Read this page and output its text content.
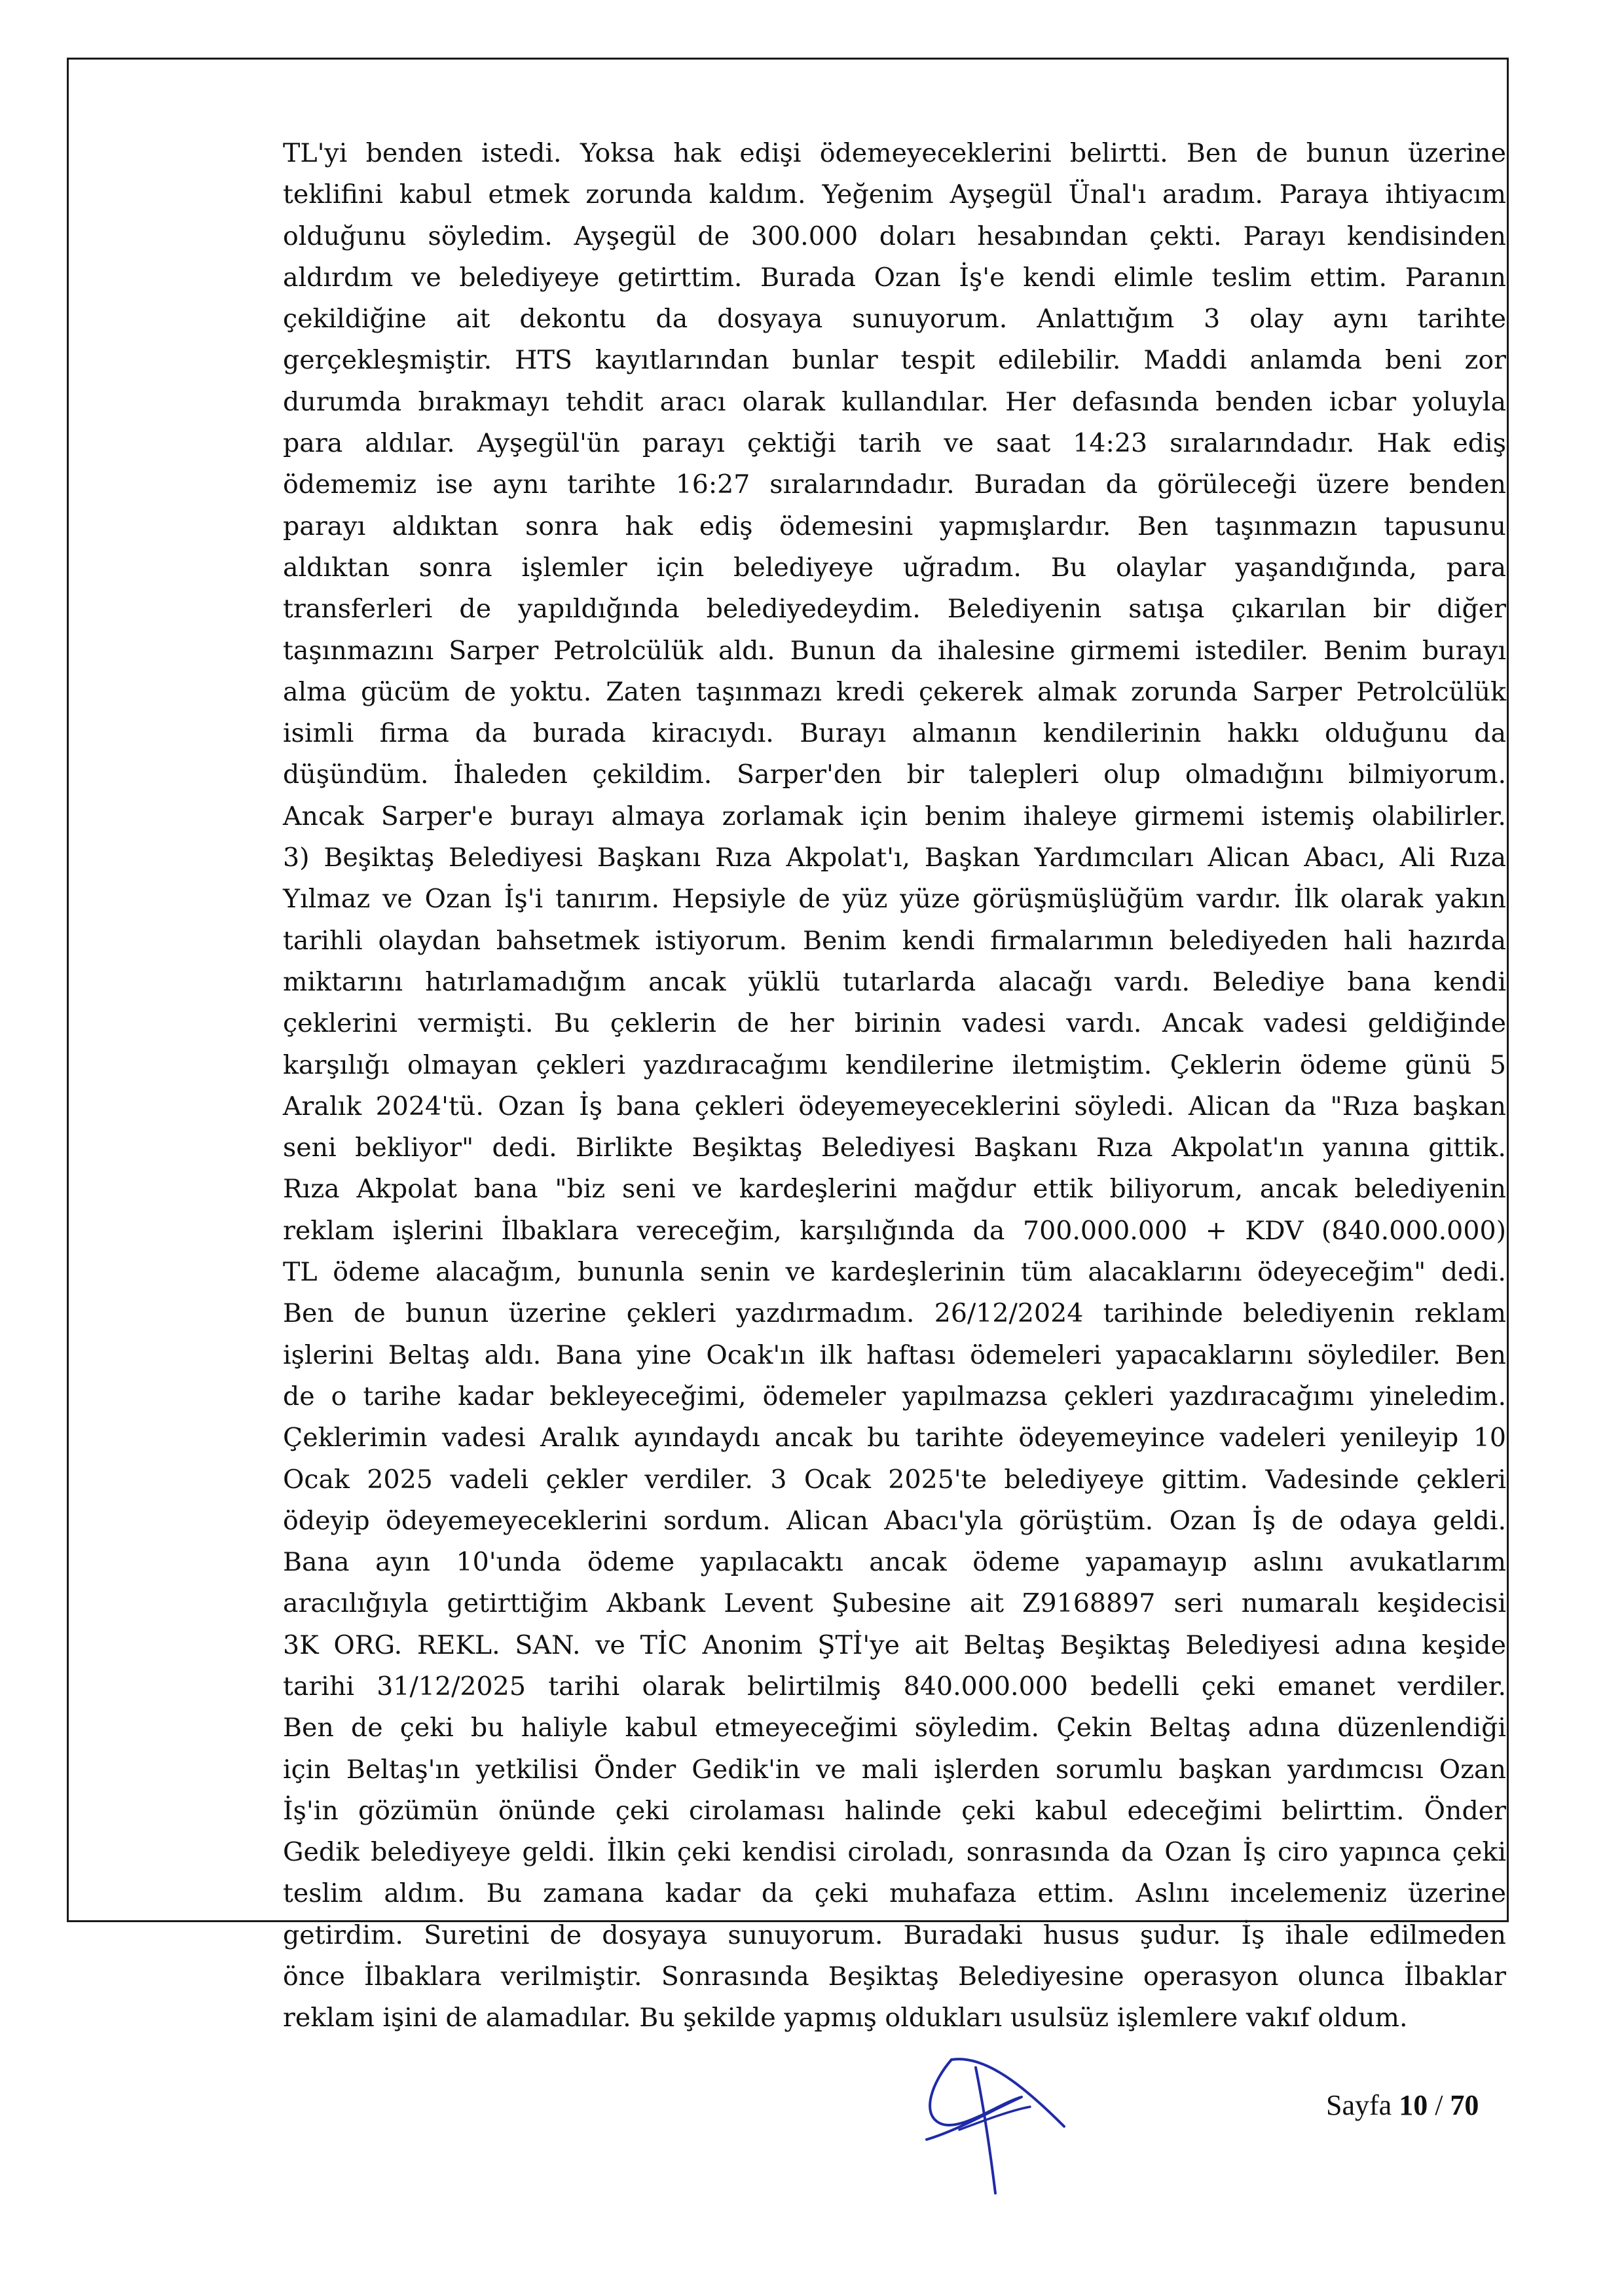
TL'yi benden istedi. Yoksa hak edişi ödemeyeceklerini belirtti. Ben de bunun üzerine

teklifini kabul etmek zorunda kaldım. Yeğenim Ayşegül Ünal'ı aradım. Paraya ihtiyacım

olduğunu söyledim. Ayşegül de 300.000 doları hesabından çekti. Parayı kendisinden

aldırdım ve belediyeye getirttim. Burada Ozan İş'e kendi elimle teslim ettim. Paranın

çekildiğine ait dekontu da dosyaya sunuyorum. Anlattığım 3 olay aynı tarihte

gerçekleşmiştir. HTS kayıtlarından bunlar tespit edilebilir. Maddi anlamda beni zor

durumda bırakmayı tehdit aracı olarak kullandılar. Her defasında benden icbar yoluyla

para aldılar. Ayşegül'ün parayı çektiği tarih ve saat 14:23 sıralarındadır. Hak ediş

ödememiz ise aynı tarihte 16:27 sıralarındadır. Buradan da görüleceği üzere benden

parayı aldıktan sonra hak ediş ödemesini yapmışlardır. Ben taşınmazın tapusunu

aldıktan sonra işlemler için belediyeye uğradım. Bu olaylar yaşandığında, para

transferleri de yapıldığında belediyedeydim. Belediyenin satışa çıkarılan bir diğer

taşınmazını Sarper Petrolcülük aldı. Bunun da ihalesine girmemi istediler. Benim burayı

alma gücüm de yoktu. Zaten taşınmazı kredi çekerek almak zorunda Sarper Petrolcülük

isimli firma da burada kiracıydı. Burayı almanın kendilerinin hakkı olduğunu da

düşündüm. İhaleden çekildim. Sarper'den bir talepleri olup olmadığını bilmiyorum.

Ancak Sarper'e burayı almaya zorlamak için benim ihaleye girmemi istemiş olabilirler.

3) Beşiktaş Belediyesi Başkanı Rıza Akpolat'ı, Başkan Yardımcıları Alican Abacı, Ali Rıza

Yılmaz ve Ozan İş'i tanırım. Hepsiyle de yüz yüze görüşmüşlüğüm vardır. İlk olarak yakın

tarihli olaydan bahsetmek istiyorum. Benim kendi firmalarımın belediyeden hali hazırda

miktarını hatırlamadığım ancak yüklü tutarlarda alacağı vardı. Belediye bana kendi

çeklerini vermişti. Bu çeklerin de her birinin vadesi vardı. Ancak vadesi geldiğinde

karşılığı olmayan çekleri yazdıracağımı kendilerine iletmiştim. Çeklerin ödeme günü 5

Aralık 2024'tü. Ozan İş bana çekleri ödeyemeyeceklerini söyledi. Alican da "Rıza başkan

seni bekliyor" dedi. Birlikte Beşiktaş Belediyesi Başkanı Rıza Akpolat'ın yanına gittik.

Rıza Akpolat bana "biz seni ve kardeşlerini mağdur ettik biliyorum, ancak belediyenin

reklam işlerini İlbaklara vereceğim, karşılığında da 700.000.000 + KDV (840.000.000)

TL ödeme alacağım, bununla senin ve kardeşlerinin tüm alacaklarını ödeyeceğim" dedi.

Ben de bunun üzerine çekleri yazdırmadım. 26/12/2024 tarihinde belediyenin reklam

işlerini Beltaş aldı. Bana yine Ocak'ın ilk haftası ödemeleri yapacaklarını söylediler. Ben

de o tarihe kadar bekleyeceğimi, ödemeler yapılmazsa çekleri yazdıracağımı yineledim.

Çeklerimin vadesi Aralık ayındaydı ancak bu tarihte ödeyemeyince vadeleri yenileyip 10

Ocak 2025 vadeli çekler verdiler. 3 Ocak 2025'te belediyeye gittim. Vadesinde çekleri

ödeyip ödeyemeyeceklerini sordum. Alican Abacı'yla görüştüm. Ozan İş de odaya geldi.

Bana ayın 10'unda ödeme yapılacaktı ancak ödeme yapamayıp aslını avukatlarım

aracılığıyla getirttiğim Akbank Levent Şubesine ait Z9168897 seri numaralı keşidecisi

3K ORG. REKL. SAN. ve TİC Anonim ŞTİ'ye ait Beltaş Beşiktaş Belediyesi adına keşide

tarihi 31/12/2025 tarihi olarak belirtilmiş 840.000.000 bedelli çeki emanet verdiler.

Ben de çeki bu haliyle kabul etmeyeceğimi söyledim. Çekin Beltaş adına düzenlendiği

için Beltaş'ın yetkilisi Önder Gedik'in ve mali işlerden sorumlu başkan yardımcısı Ozan

İş'in gözümün önünde çeki cirolaması halinde çeki kabul edeceğimi belirttim. Önder

Gedik belediyeye geldi. İlkin çeki kendisi ciroladı, sonrasında da Ozan İş ciro yapınca çeki

teslim aldım. Bu zamana kadar da çeki muhafaza ettim. Aslını incelemeniz üzerine

getirdim. Suretini de dosyaya sunuyorum. Buradaki husus şudur. İş ihale edilmeden

önce İlbaklara verilmiştir. Sonrasında Beşiktaş Belediyesine operasyon olunca İlbaklar

reklam işini de alamadılar. Bu şekilde yapmış oldukları usulsüz işlemlere vakıf oldum.

Sayfa 10 / 70
